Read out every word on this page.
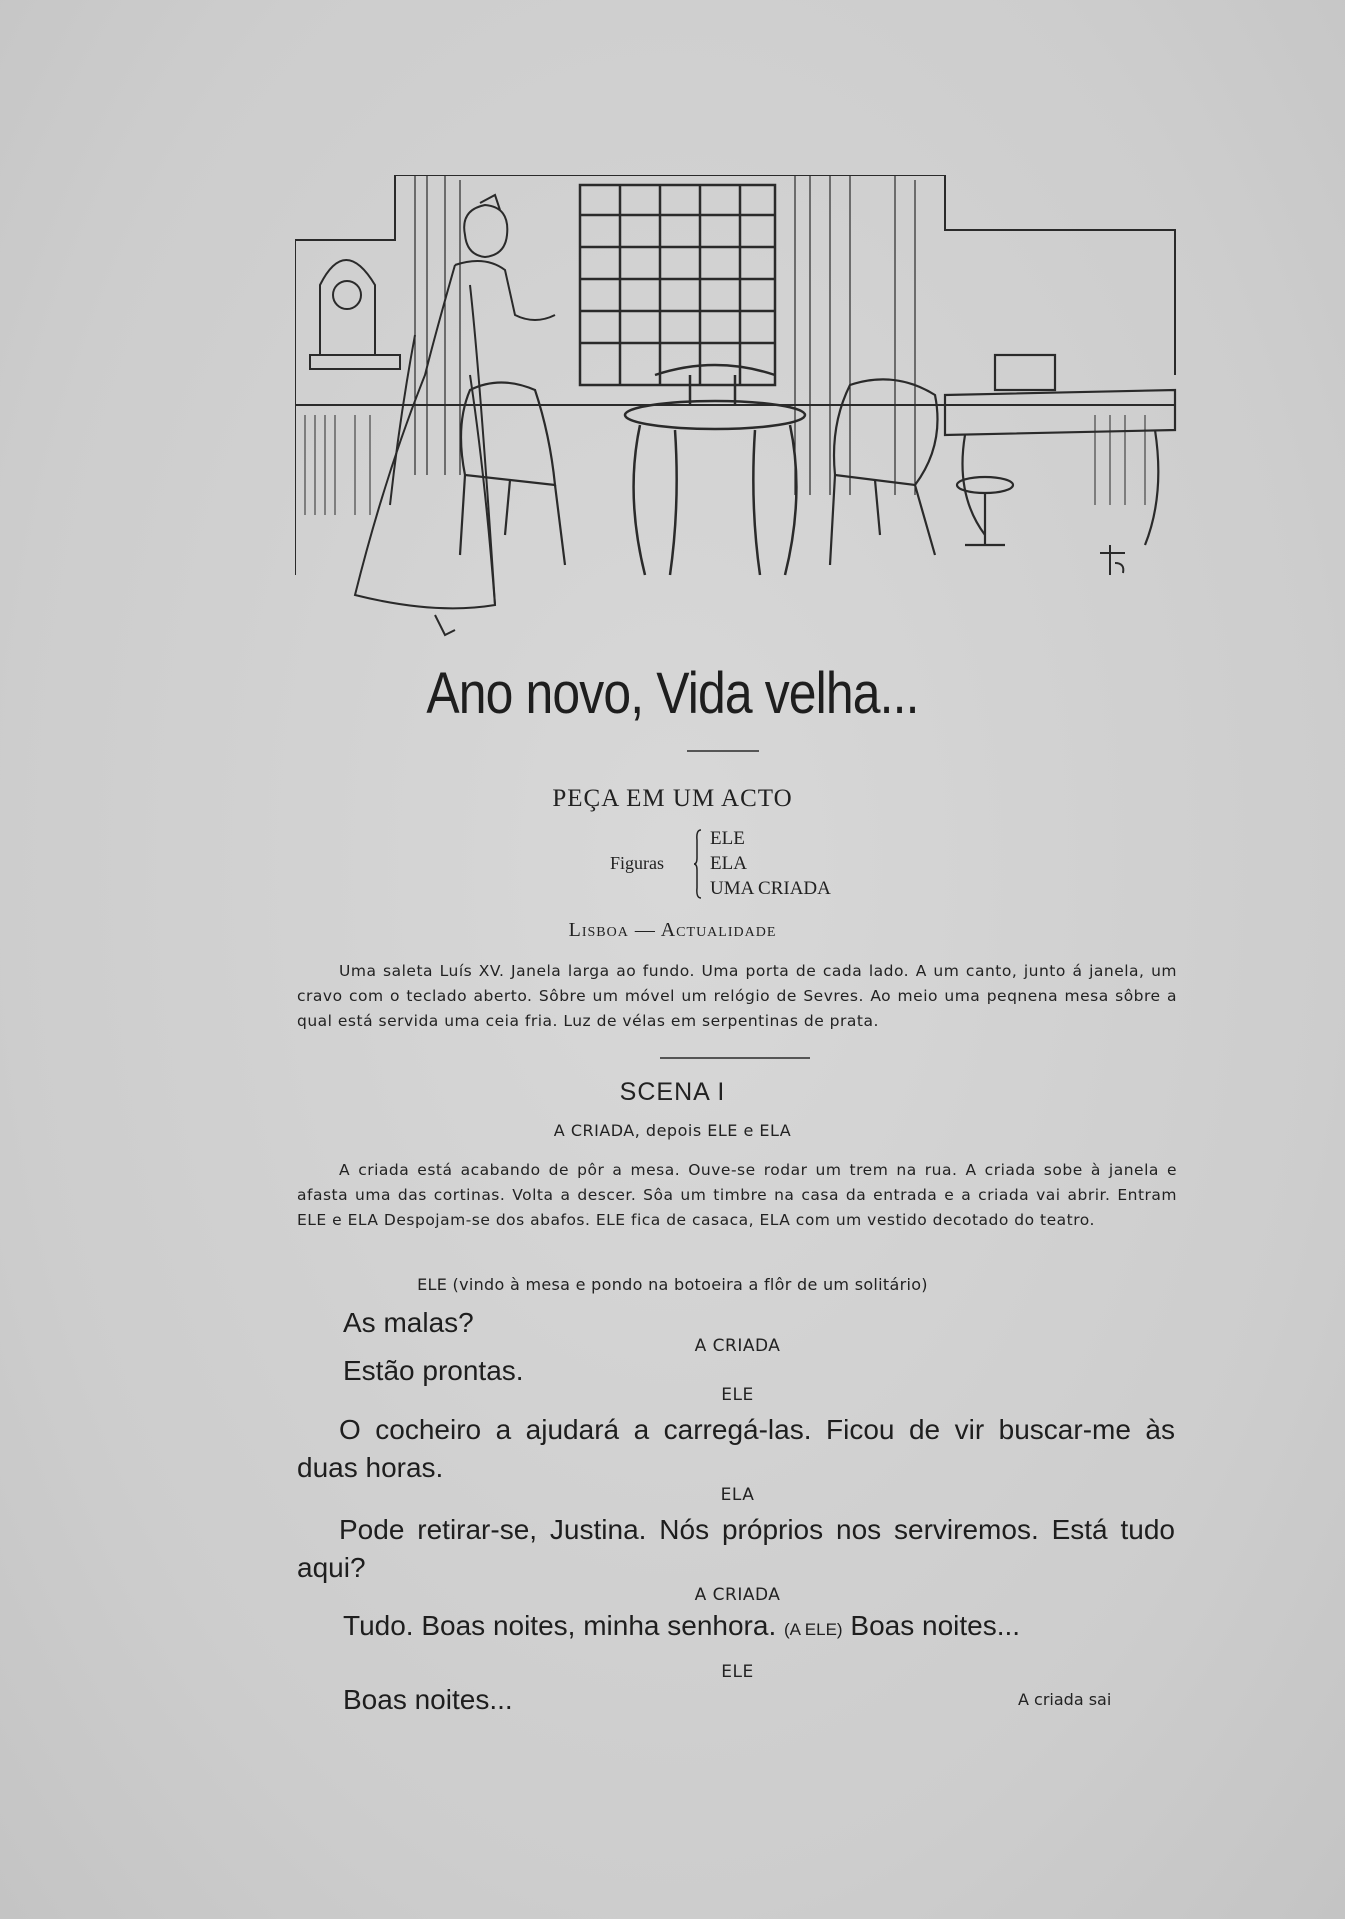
Ano novo, Vida velha...
PEÇA EM UM ACTO
Figuras
ELE
ELA
UMA CRIADA
Lisboa — Actualidade

Uma saleta Luís XV. Janela larga ao fundo. Uma porta de cada lado. A um canto, junto á janela, um cravo com o teclado aberto. Sôbre um móvel um relógio de Sevres. Ao meio uma peqnena mesa sôbre a qual está servida uma ceia fria. Luz de vélas em serpentinas de prata.

SCENA I
A CRIADA, depois ELE e ELA

A criada está acabando de pôr a mesa. Ouve-se rodar um trem na rua. A criada sobe à janela e afasta uma das cortinas. Volta a descer. Sôa um timbre na casa da entrada e a criada vai abrir. Entram ELE e ELA Despojam-se dos abafos. ELE fica de casaca, ELA com um vestido decotado do teatro.

ELE (vindo à mesa e pondo na botoeira a flôr de um solitário)
As malas?
A CRIADA
Estão prontas.
ELE
O cocheiro a ajudará a carregá-las. Ficou de vir buscar-me às duas horas.
ELA
Pode retirar-se, Justina. Nós próprios nos serviremos. Está tudo aqui?
A CRIADA
Tudo. Boas noites, minha senhora. (A ELE) Boas noites...
ELE
Boas noites...	A criada sai
